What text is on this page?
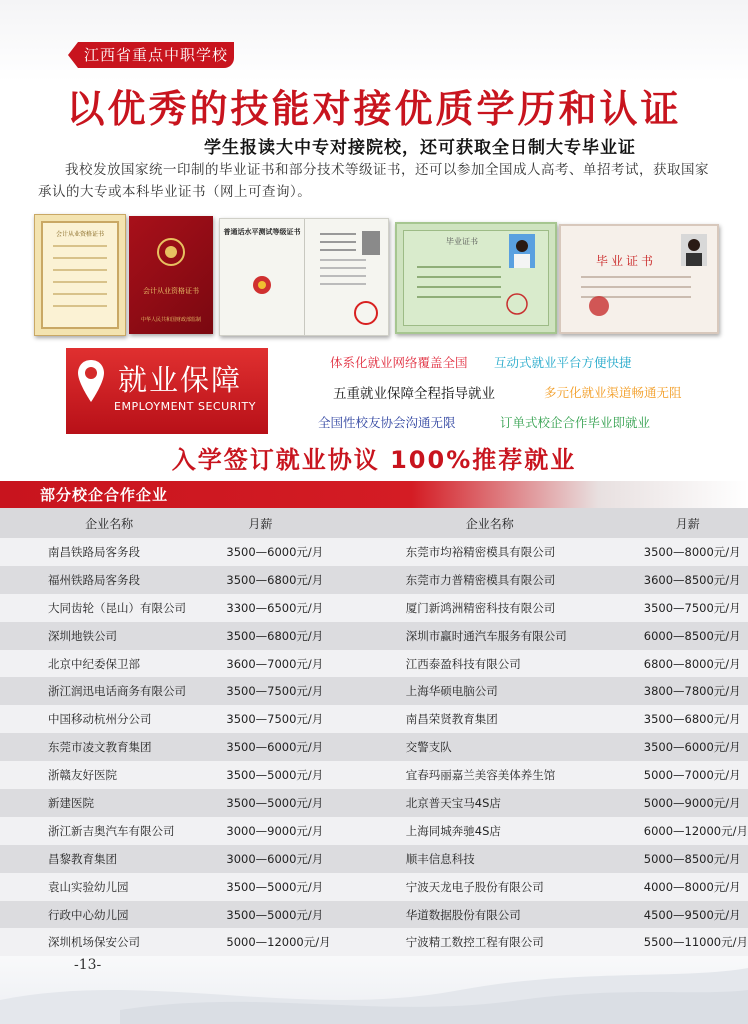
江西省重点中职学校
以优秀的技能对接优质学历和认证
学生报读大中专对接院校，还可获取全日制大专毕业证
我校发放国家统一印制的毕业证书和部分技术等级证书，还可以参加全国成人高考、单招考试，获取国家承认的大专或本科毕业证书（网上可查询）。
会计从业资格证书
会计从业资格证书
中华人民共和国财政部监制
普通话水平测试等级证书
毕业证书
毕业证书
就业保障
EMPLOYMENT SECURITY
体系化就业网络覆盖全国 互动式就业平台方便快捷
五重就业保障全程指导就业	多元化就业渠道畅通无阻
全国性校友协会沟通无限	订单式校企合作毕业即就业
入学签订就业协议 100%推荐就业
部分校企合作企业
企业名称	月薪	企业名称	月薪
南昌铁路局客务段	3500—6000元/月	东莞市均裕精密模具有限公司	3500—8000元/月
福州铁路局客务段	3500—6800元/月	东莞市力普精密模具有限公司	3600—8500元/月
大同齿轮（昆山）有限公司	3300—6500元/月	厦门新鸿洲精密科技有限公司	3500—7500元/月
深圳地铁公司	3500—6800元/月	深圳市赢时通汽车服务有限公司	6000—8500元/月
北京中纪委保卫部	3600—7000元/月	江西泰盈科技有限公司	6800—8000元/月
浙江润迅电话商务有限公司	3500—7500元/月	上海华硕电脑公司	3800—7800元/月
中国移动杭州分公司	3500—7500元/月	南昌荣贤教育集团	3500—6800元/月
东莞市凌文教育集团	3500—6000元/月	交警支队	3500—6000元/月
浙赣友好医院	3500—5000元/月	宜春玛丽嘉兰美容美体养生馆	5000—7000元/月
新建医院	3500—5000元/月	北京普天宝马4S店	5000—9000元/月
浙江新吉奥汽车有限公司	3000—9000元/月	上海同城奔驰4S店	6000—12000元/月
昌黎教育集团	3000—6000元/月	顺丰信息科技	5000—8500元/月
袁山实验幼儿园	3500—5000元/月	宁波天龙电子股份有限公司	4000—8000元/月
行政中心幼儿园	3500—5000元/月	华道数据股份有限公司	4500—9500元/月
深圳机场保安公司	5000—12000元/月	宁波精工数控工程有限公司	5500—11000元/月
-13-
